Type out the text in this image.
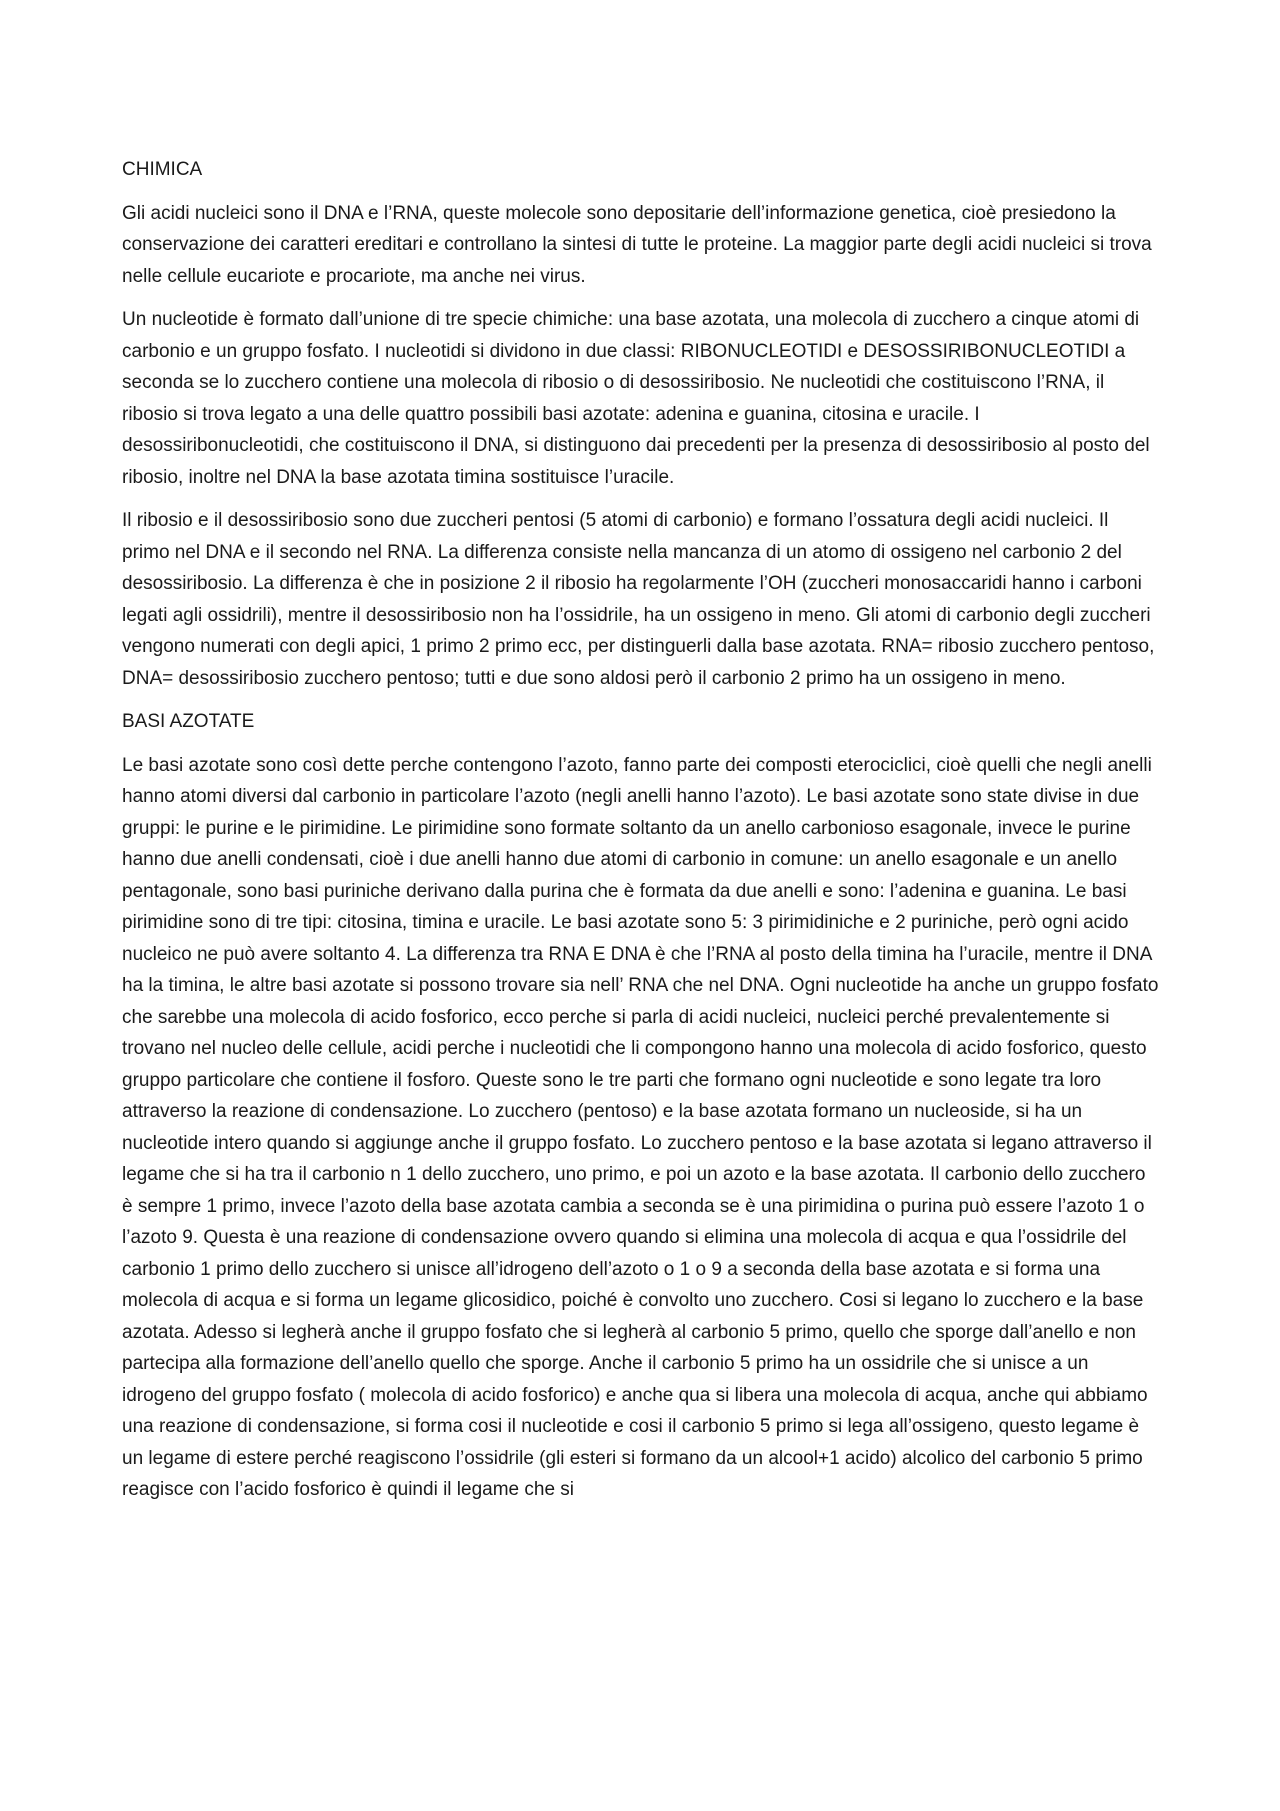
CHIMICA

Gli acidi nucleici sono il DNA e l’RNA, queste molecole sono depositarie dell’informazione genetica, cioè presiedono la conservazione dei caratteri ereditari e controllano la sintesi di tutte le proteine. La maggior parte degli acidi nucleici si trova nelle cellule eucariote e procariote, ma anche nei virus.

Un nucleotide è formato dall’unione di tre specie chimiche: una base azotata, una molecola di zucchero a cinque atomi di carbonio e un gruppo fosfato. I nucleotidi si dividono in due classi: RIBONUCLEOTIDI e DESOSSIRIBONUCLEOTIDI a seconda se lo zucchero contiene una molecola di ribosio o di desossiribosio. Ne nucleotidi che costituiscono l’RNA, il ribosio si trova legato a una delle quattro possibili basi azotate: adenina e guanina, citosina e uracile. I desossiribonucleotidi, che costituiscono il DNA, si distinguono dai precedenti per la presenza di desossiribosio al posto del ribosio, inoltre nel DNA la base azotata timina sostituisce l’uracile.

Il ribosio e il desossiribosio sono due zuccheri pentosi (5 atomi di carbonio) e formano l’ossatura degli acidi nucleici. Il primo nel DNA e il secondo nel RNA. La differenza consiste nella mancanza di un atomo di ossigeno nel carbonio 2 del desossiribosio. La differenza è che in posizione 2 il ribosio ha regolarmente l’OH (zuccheri monosaccaridi hanno i carboni legati agli ossidrili), mentre il desossiribosio non ha l’ossidrile, ha un ossigeno in meno. Gli atomi di carbonio degli zuccheri vengono numerati con degli apici, 1 primo 2 primo ecc, per distinguerli dalla base azotata. RNA= ribosio zucchero pentoso, DNA= desossiribosio zucchero pentoso; tutti e due sono aldosi però il carbonio 2 primo ha un ossigeno in meno.

BASI AZOTATE

Le basi azotate sono così dette perche contengono l’azoto, fanno parte dei composti eterociclici, cioè quelli che negli anelli hanno atomi diversi dal carbonio in particolare l’azoto (negli anelli hanno l’azoto). Le basi azotate sono state divise in due gruppi: le purine e le pirimidine. Le pirimidine sono formate soltanto da un anello carbonioso esagonale, invece le purine hanno due anelli condensati, cioè i due anelli hanno due atomi di carbonio in comune: un anello esagonale e un anello pentagonale, sono basi puriniche derivano dalla purina che è formata da due anelli e sono: l’adenina e guanina. Le basi pirimidine sono di tre tipi: citosina, timina e uracile. Le basi azotate sono 5: 3 pirimidiniche e 2 puriniche, però ogni acido nucleico ne può avere soltanto 4. La differenza tra RNA E DNA è che l’RNA al posto della timina ha l’uracile, mentre il DNA ha la timina, le altre basi azotate si possono trovare sia nell’ RNA che nel DNA. Ogni nucleotide ha anche un gruppo fosfato che sarebbe una molecola di acido fosforico, ecco perche si parla di acidi nucleici, nucleici perché prevalentemente si trovano nel nucleo delle cellule, acidi perche i nucleotidi che li compongono hanno una molecola di acido fosforico, questo gruppo particolare che contiene il fosforo. Queste sono le tre parti che formano ogni nucleotide e sono legate tra loro attraverso la reazione di condensazione. Lo zucchero (pentoso) e la base azotata formano un nucleoside, si ha un nucleotide intero quando si aggiunge anche il gruppo fosfato. Lo zucchero pentoso e la base azotata si legano attraverso il legame che si ha tra il carbonio n 1 dello zucchero, uno primo, e poi un azoto e la base azotata. Il carbonio dello zucchero è sempre 1 primo, invece l’azoto della base azotata cambia a seconda se è una pirimidina o purina può essere l’azoto 1 o l’azoto 9. Questa è una reazione di condensazione ovvero quando si elimina una molecola di acqua e qua l’ossidrile del carbonio 1 primo dello zucchero si unisce all’idrogeno dell’azoto o 1 o 9 a seconda della base azotata e si forma una molecola di acqua e si forma un legame glicosidico, poiché è convolto uno zucchero. Cosi si legano lo zucchero e la base azotata. Adesso si legherà anche il gruppo fosfato che si legherà al carbonio 5 primo, quello che sporge dall’anello e non partecipa alla formazione dell’anello quello che sporge. Anche il carbonio 5 primo ha un ossidrile che si unisce a un idrogeno del gruppo fosfato ( molecola di acido fosforico) e anche qua si libera una molecola di acqua, anche qui abbiamo una reazione di condensazione, si forma cosi il nucleotide e cosi il carbonio 5 primo si lega all’ossigeno, questo legame è un legame di estere perché reagiscono l’ossidrile (gli esteri si formano da un alcool+1 acido) alcolico del carbonio 5 primo reagisce con l’acido fosforico è quindi il legame che si
